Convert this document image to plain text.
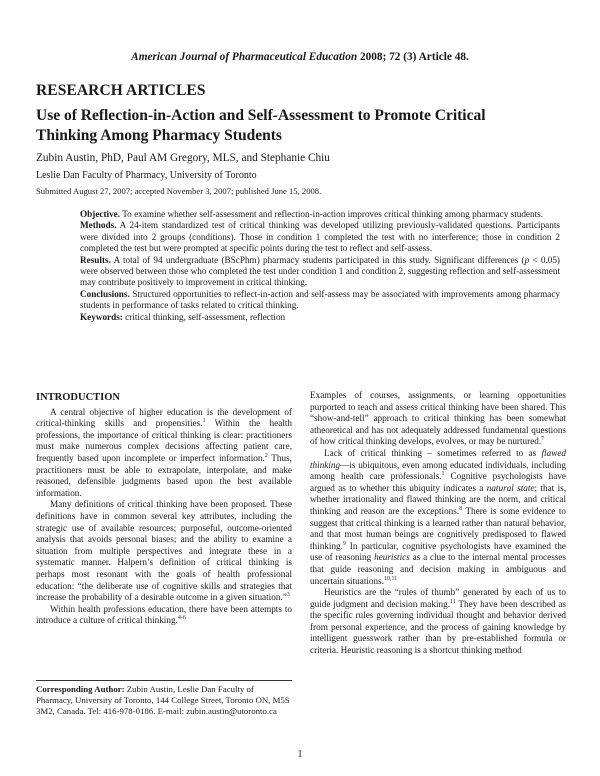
American Journal of Pharmaceutical Education 2008; 72 (3) Article 48.
RESEARCH ARTICLES
Use of Reflection-in-Action and Self-Assessment to Promote Critical Thinking Among Pharmacy Students
Zubin Austin, PhD, Paul AM Gregory, MLS, and Stephanie Chiu
Leslie Dan Faculty of Pharmacy, University of Toronto
Submitted August 27, 2007; accepted November 3, 2007; published June 15, 2008.

Objective. To examine whether self-assessment and reflection-in-action improves critical thinking among pharmacy students.

Methods. A 24-item standardized test of critical thinking was developed utilizing previously-validated questions. Participants were divided into 2 groups (conditions). Those in condition 1 completed the test with no interference; those in condition 2 completed the test but were prompted at specific points during the test to reflect and self-assess.

Results. A total of 94 undergraduate (BScPhm) pharmacy students participated in this study. Significant differences (p < 0.05) were observed between those who completed the test under condition 1 and condition 2, suggesting reflection and self-assessment may contribute positively to improvement in critical thinking.

Conclusions. Structured opportunities to reflect-in-action and self-assess may be associated with improvements among pharmacy students in performance of tasks related to critical thinking.

Keywords: critical thinking, self-assessment, reflection

INTRODUCTION

A central objective of higher education is the development of critical-thinking skills and propensities.$^1$ Within the health professions, the importance of critical thinking is clear: practitioners must make numerous complex decisions affecting patient care, frequently based upon incomplete or imperfect information.$^2$ Thus, practitioners must be able to extrapolate, interpolate, and make reasoned, defensible judgments based upon the best available information.

Many definitions of critical thinking have been proposed. These definitions have in common several key attributes, including the strategic use of available resources; purposeful, outcome-oriented analysis that avoids personal biases; and the ability to examine a situation from multiple perspectives and integrate these in a systematic manner. Halpern’s definition of critical thinking is perhaps most resonant with the goals of health professional education: “the deliberate use of cognitive skills and strategies that increase the probability of a desirable outcome in a given situation.”$^3$

Within health professions education, there have been attempts to introduce a culture of critical thinking.$^{4-6}$

Examples of courses, assignments, or learning opportunities purported to teach and assess critical thinking have been shared. This “show-and-tell” approach to critical thinking has been somewhat atheoretical and has not adequately addressed fundamental questions of how critical thinking develops, evolves, or may be nurtured.$^7$

Lack of critical thinking – sometimes referred to as flawed thinking—is ubiquitous, even among educated individuals, including among health care professionals.$^1$ Cognitive psychologists have argued as to whether this ubiquity indicates a natural state; that is, whether irrationality and flawed thinking are the norm, and critical thinking and reason are the exceptions.$^8$ There is some evidence to suggest that critical thinking is a learned rather than natural behavior, and that most human beings are cognitively predisposed to flawed thinking.$^9$ In particular, cognitive psychologists have examined the use of reasoning heuristics as a clue to the internal mental processes that guide reasoning and decision making in ambiguous and uncertain situations.$^{10,11}$

Heuristics are the “rules of thumb” generated by each of us to guide judgment and decision making.$^{11}$ They have been described as the specific rules governing individual thought and behavior derived from personal experience, and the process of gaining knowledge by intelligent guesswork rather than by pre-established formula or criteria. Heuristic reasoning is a shortcut thinking method

Corresponding Author: Zubin Austin, Leslie Dan Faculty of Pharmacy, University of Toronto, 144 College Street, Toronto ON, M5S 3M2, Canada. Tel: 416-978-0186. E-mail: zubin.austin@utoronto.ca
1
